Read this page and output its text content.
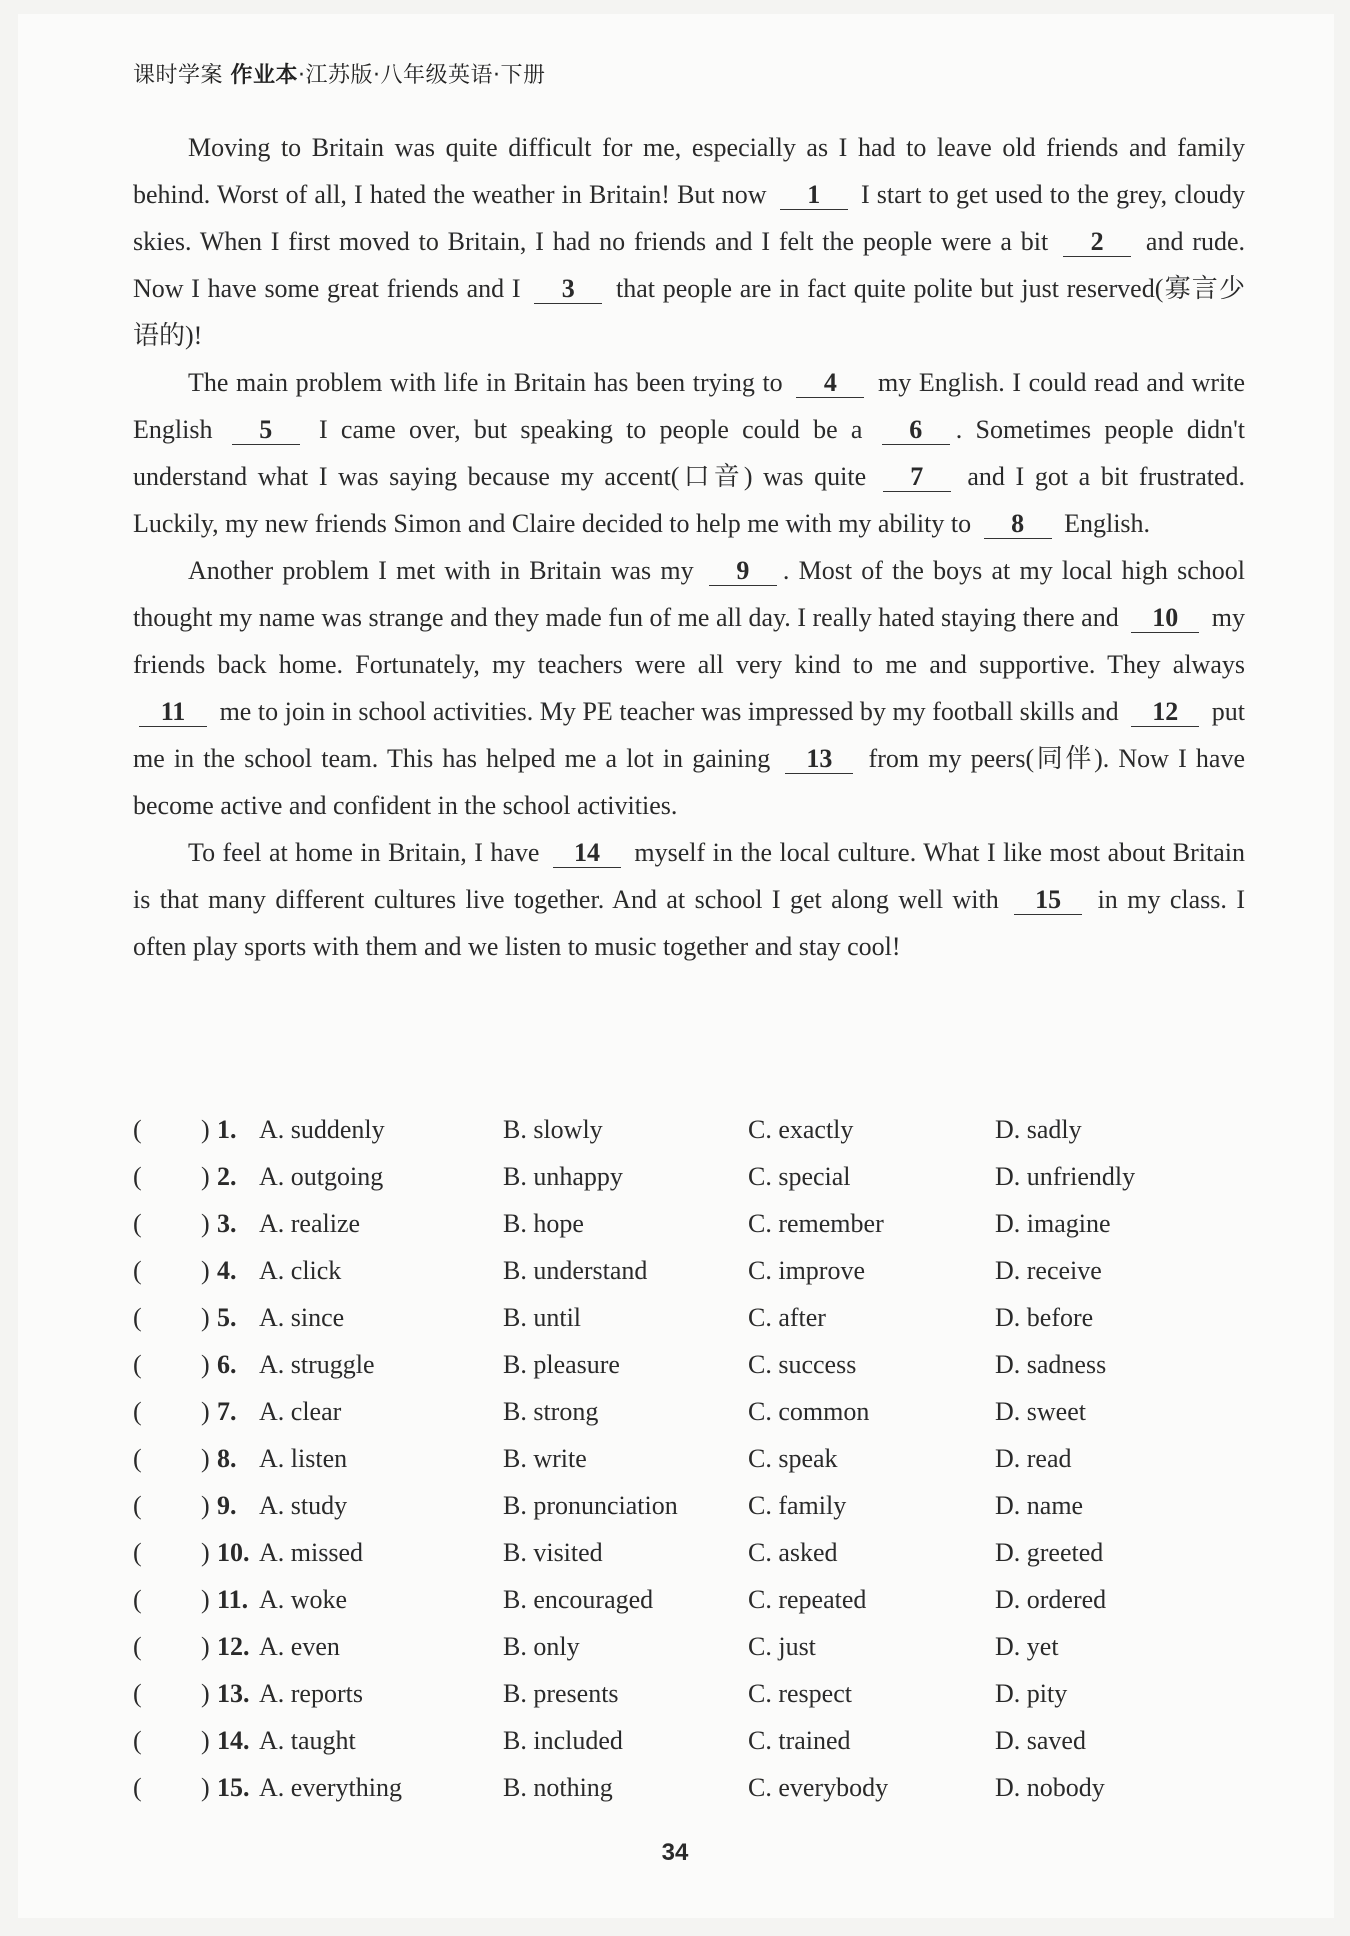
课时学案 作业本·江苏版·八年级英语·下册

Moving to Britain was quite difficult for me, especially as I had to leave old friends and family behind. Worst of all, I hated the weather in Britain! But now 1 I start to get used to the grey, cloudy skies. When I first moved to Britain, I had no friends and I felt the people were a bit 2 and rude. Now I have some great friends and I 3 that people are in fact quite polite but just reserved(寡言少语的)!

The main problem with life in Britain has been trying to 4 my English. I could read and write English 5 I came over, but speaking to people could be a 6 . Sometimes people didn't understand what I was saying because my accent(口音) was quite 7 and I got a bit frustrated. Luckily, my new friends Simon and Claire decided to help me with my ability to 8 English.

Another problem I met with in Britain was my 9 . Most of the boys at my local high school thought my name was strange and they made fun of me all day. I really hated staying there and 10 my friends back home. Fortunately, my teachers were all very kind to me and supportive. They always 11 me to join in school activities. My PE teacher was impressed by my football skills and 12 put me in the school team. This has helped me a lot in gaining 13 from my peers(同伴). Now I have become active and confident in the school activities.

To feel at home in Britain, I have 14 myself in the local culture. What I like most about Britain is that many different cultures live together. And at school I get along well with 15 in my class. I often play sports with them and we listen to music together and stay cool!

( ) 1. A. suddenly	B. slowly	C. exactly	D. sadly
( ) 2. A. outgoing	B. unhappy	C. special	D. unfriendly
( ) 3. A. realize	B. hope	C. remember	D. imagine
( ) 4. A. click	B. understand	C. improve	D. receive
( ) 5. A. since	B. until	C. after	D. before
( ) 6. A. struggle	B. pleasure	C. success	D. sadness
( ) 7. A. clear	B. strong	C. common	D. sweet
( ) 8. A. listen	B. write	C. speak	D. read
( ) 9. A. study	B. pronunciation	C. family	D. name
( ) 10. A. missed	B. visited	C. asked	D. greeted
( ) 11. A. woke	B. encouraged	C. repeated	D. ordered
( ) 12. A. even	B. only	C. just	D. yet
( ) 13. A. reports	B. presents	C. respect	D. pity
( ) 14. A. taught	B. included	C. trained	D. saved
( ) 15. A. everything	B. nothing	C. everybody	D. nobody
34
